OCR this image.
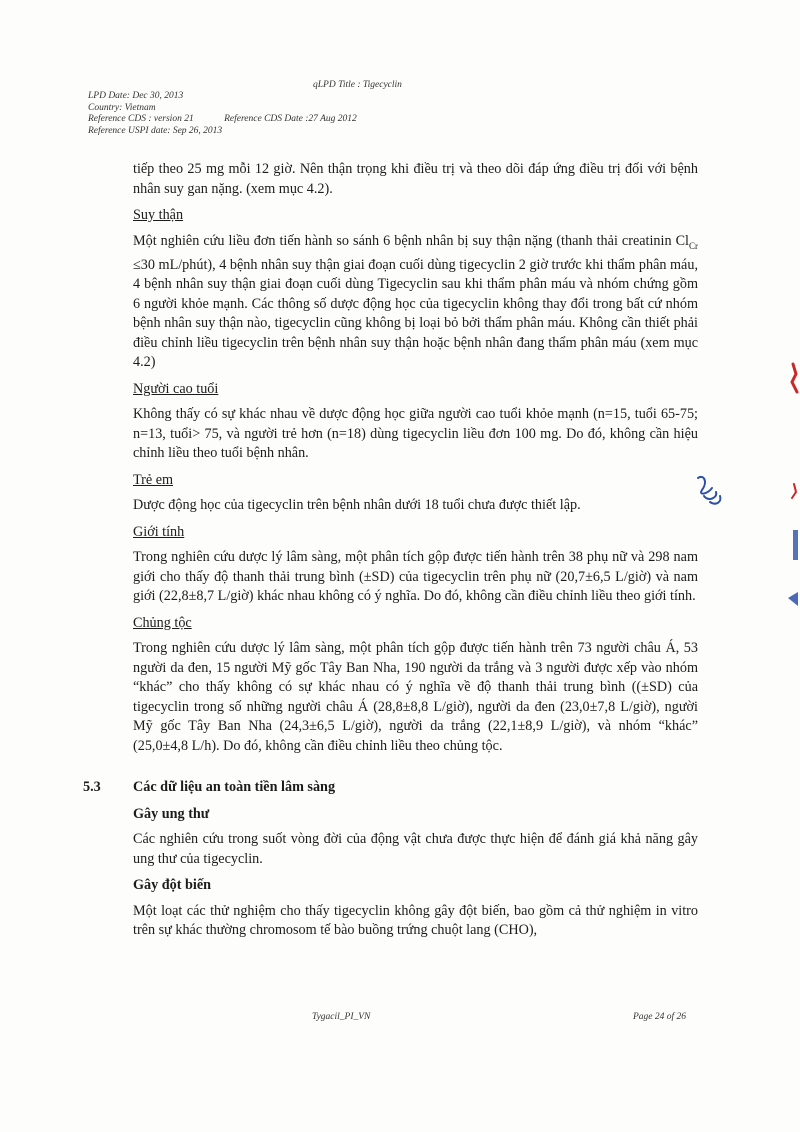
qLPD Title : Tigecyclin
LPD Date: Dec 30, 2013
Country: Vietnam
Reference CDS : version 21	Reference CDS Date :27 Aug 2012
Reference USPI date: Sep 26, 2013

tiếp theo 25 mg mỗi 12 giờ. Nên thận trọng khi điều trị và theo dõi đáp ứng điều trị đối với bệnh nhân suy gan nặng. (xem mục 4.2).

Suy thận

Một nghiên cứu liều đơn tiến hành so sánh 6 bệnh nhân bị suy thận nặng (thanh thải creatinin $Cl_{Cr} \le 30$ mL/phút), 4 bệnh nhân suy thận giai đoạn cuối dùng tigecyclin 2 giờ trước khi thẩm phân máu, 4 bệnh nhân suy thận giai đoạn cuối dùng Tigecyclin sau khi thẩm phân máu và nhóm chứng gồm 6 người khỏe mạnh. Các thông số dược động học của tigecyclin không thay đổi trong bất cứ nhóm bệnh nhân suy thận nào, tigecyclin cũng không bị loại bỏ bởi thẩm phân máu. Không cần thiết phải điều chỉnh liều tigecyclin trên bệnh nhân suy thận hoặc bệnh nhân đang thẩm phân máu (xem mục 4.2)

Người cao tuổi

Không thấy có sự khác nhau về dược động học giữa người cao tuổi khỏe mạnh (n=15, tuổi 65-75; n=13, tuổi> 75, và người trẻ hơn (n=18) dùng tigecyclin liều đơn 100 mg. Do đó, không cần hiệu chỉnh liều theo tuổi bệnh nhân.

Trẻ em

Dược động học của tigecyclin trên bệnh nhân dưới 18 tuổi chưa được thiết lập.

Giới tính

Trong nghiên cứu dược lý lâm sàng, một phân tích gộp được tiến hành trên 38 phụ nữ và 298 nam giới cho thấy độ thanh thải trung bình (±SD) của tigecyclin trên phụ nữ (20,7±6,5 L/giờ) và nam giới (22,8±8,7 L/giờ) khác nhau không có ý nghĩa. Do đó, không cần điều chỉnh liều theo giới tính.

Chủng tộc

Trong nghiên cứu dược lý lâm sàng, một phân tích gộp được tiến hành trên 73 người châu Á, 53 người da đen, 15 người Mỹ gốc Tây Ban Nha, 190 người da trắng và 3 người được xếp vào nhóm “khác” cho thấy không có sự khác nhau có ý nghĩa về độ thanh thải trung bình ((±SD) của tigecyclin trong số những người châu Á (28,8±8,8 L/giờ), người da đen (23,0±7,8 L/giờ), người Mỹ gốc Tây Ban Nha (24,3±6,5 L/giờ), người da trắng (22,1±8,9 L/giờ), và nhóm “khác” (25,0±4,8 L/h). Do đó, không cần điều chỉnh liều theo chủng tộc.

5.3 Các dữ liệu an toàn tiền lâm sàng
Gây ung thư

Các nghiên cứu trong suốt vòng đời của động vật chưa được thực hiện để đánh giá khả năng gây ung thư của tigecyclin.

Gây đột biến

Một loạt các thử nghiệm cho thấy tigecyclin không gây đột biến, bao gồm cả thử nghiệm in vitro trên sự khác thường chromosom tế bào buồng trứng chuột lang (CHO),

Tygacil_PI_VN	Page 24 of 26
